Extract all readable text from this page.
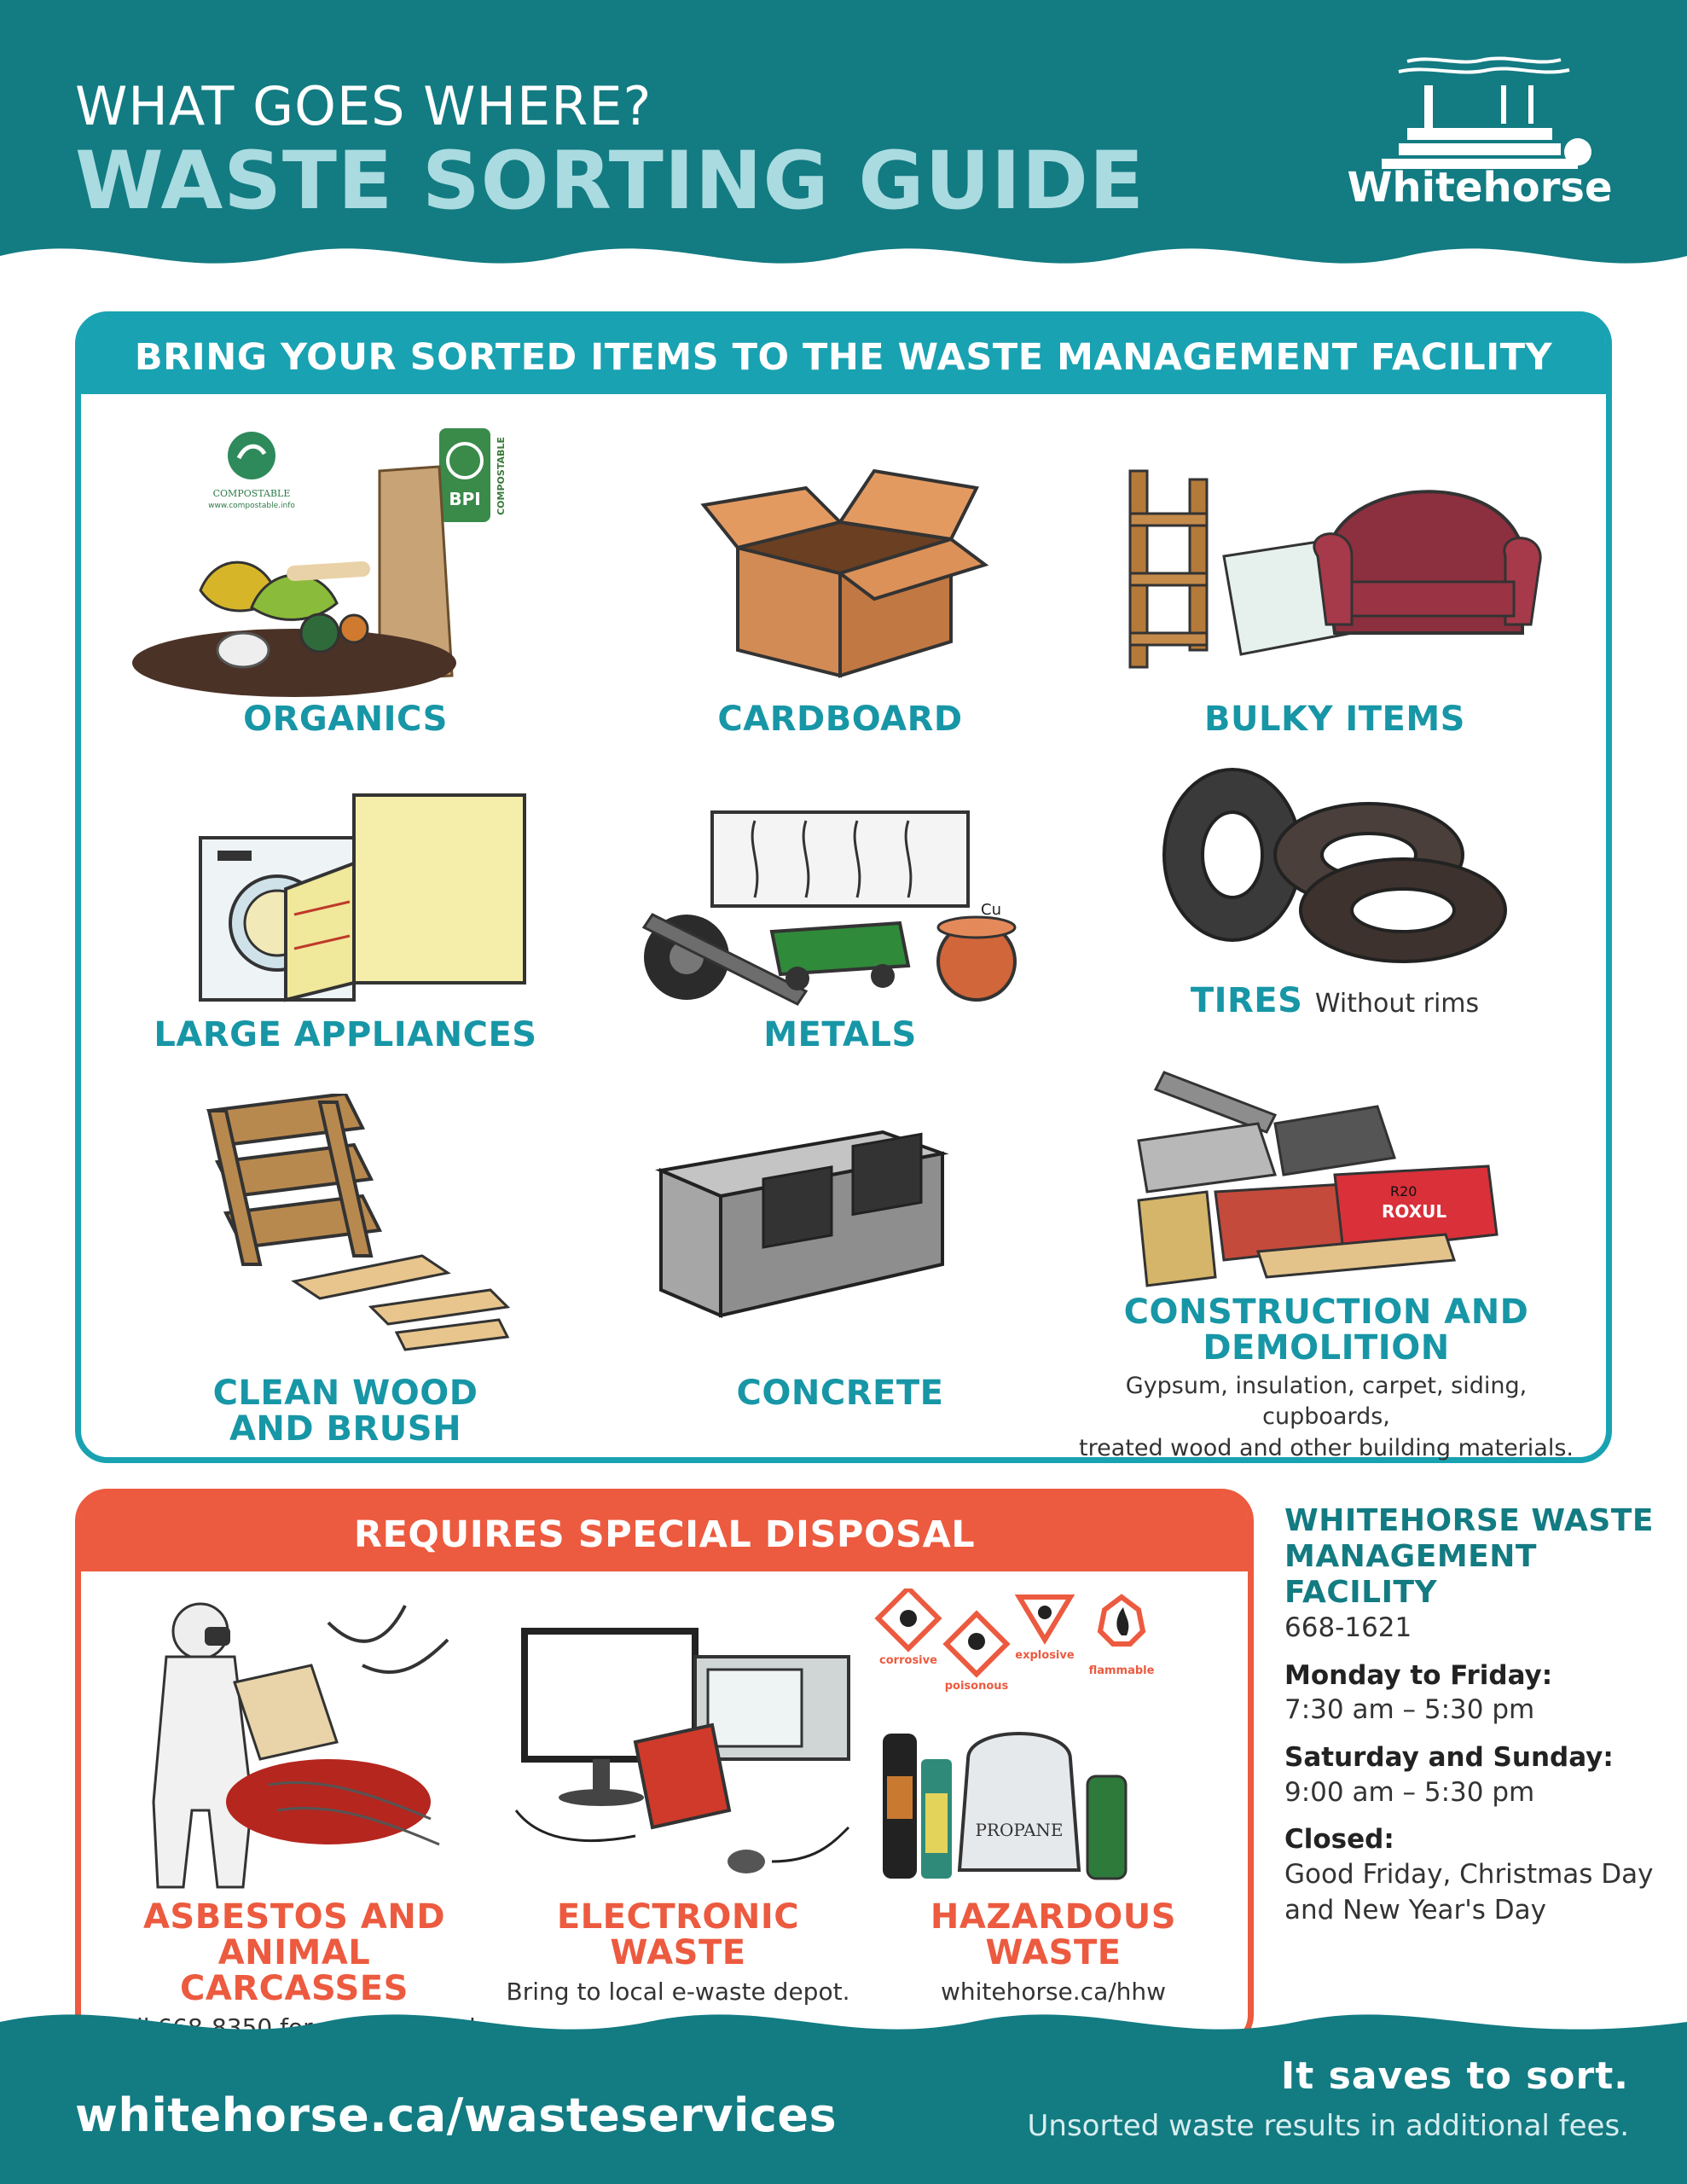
WHAT GOES WHERE?
WASTE SORTING GUIDE	Whitehorse
BRING YOUR SORTED ITEMS TO THE WASTE MANAGEMENT FACILITY
COMPOSTABLE
www.compostable.info	BPI COMPOSTABLE
ORGANICS	CARDBOARD	BULKY ITEMS
LARGE APPLIANCES
Cu
METALS
TIRES Without rims
CLEAN WOOD
AND BRUSH
CONCRETE
R20
ROXUL
CONSTRUCTION AND
DEMOLITION
Gypsum, insulation, carpet, siding, cupboards,
treated wood and other building materials.
REQUIRES SPECIAL DISPOSAL
ASBESTOS AND
ANIMAL CARCASSES
ELECTRONIC
WASTE
Bring to local e-waste depot.
corrosive
poisonous
explosive
flammable
PROPANE
HAZARDOUS
WASTE
whitehorse.ca/hhw
WHITEHORSE WASTE
MANAGEMENT
FACILITY
668-1621
Monday to Friday:
7:30 am – 5:30 pm
Saturday and Sunday:
9:00 am – 5:30 pm
Closed:
Good Friday, Christmas Day
and New Year's Day
whitehorse.ca/wasteservices
It saves to sort.
Unsorted waste results in additional fees.
